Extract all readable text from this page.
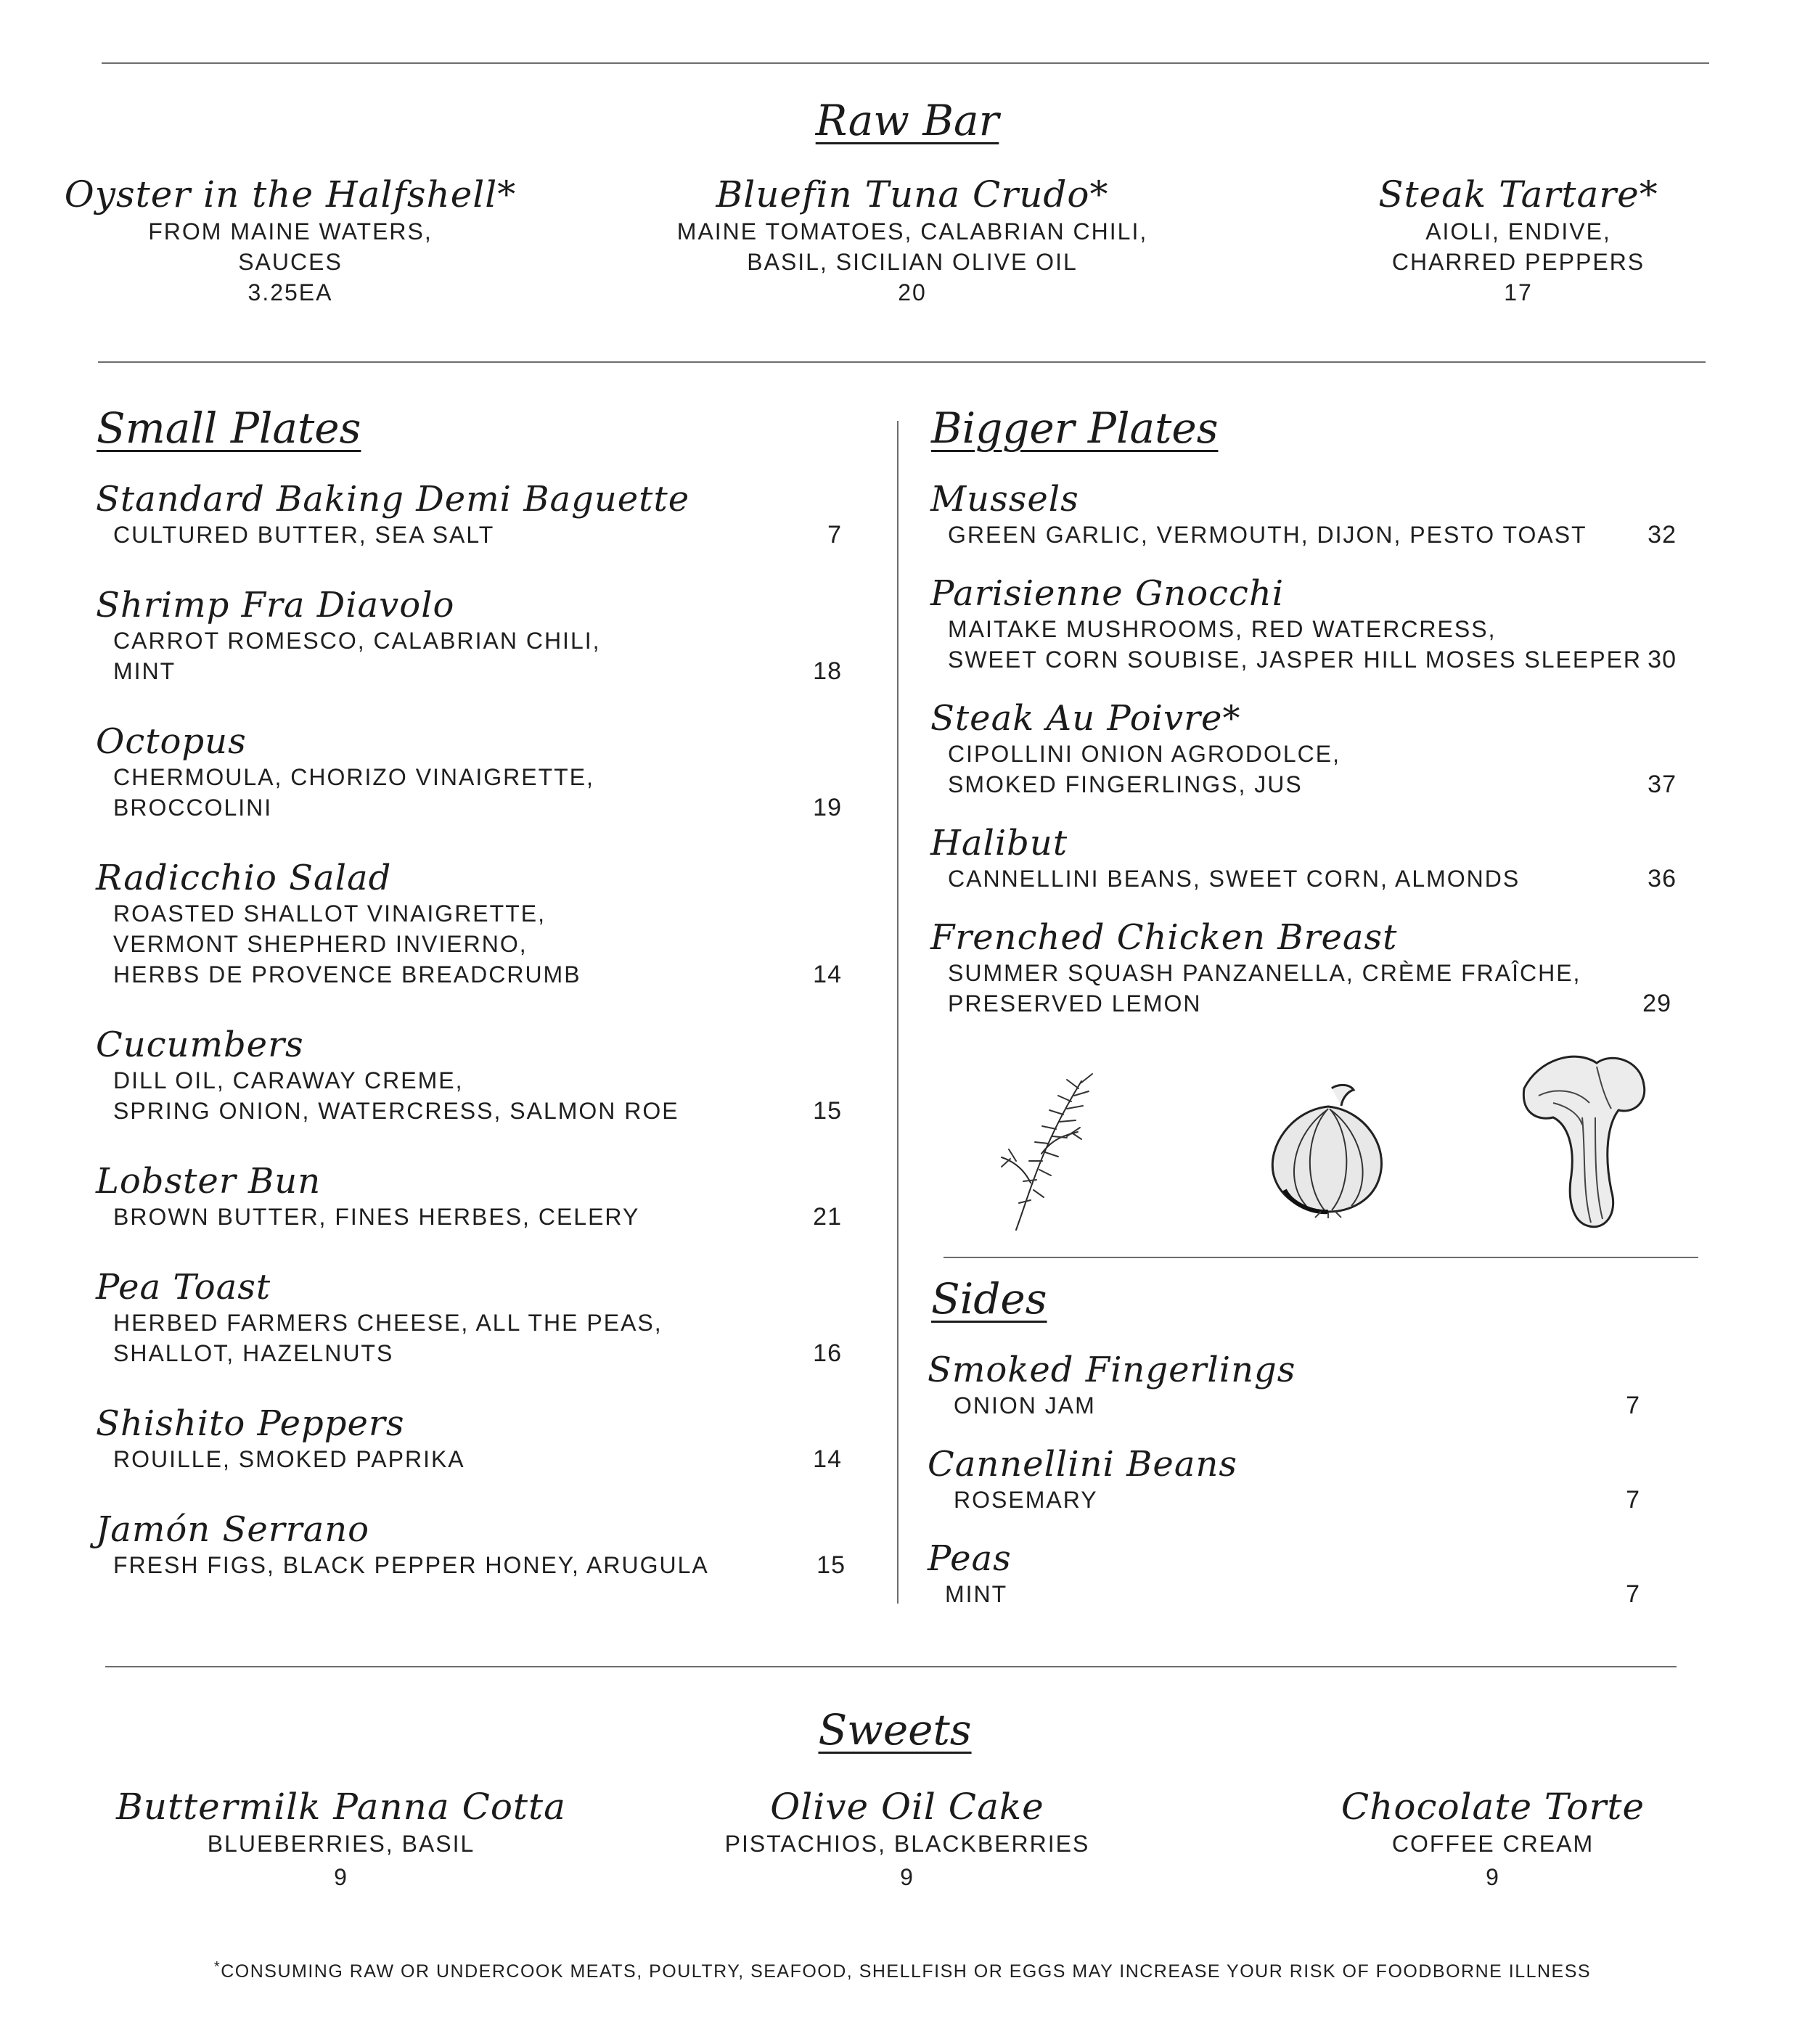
Raw Bar
Oyster in the Halfshell*
FROM MAINE WATERS,
SAUCES
3.25EA
Bluefin Tuna Crudo*
MAINE TOMATOES, CALABRIAN CHILI,
BASIL, SICILIAN OLIVE OIL
20
Steak Tartare*
AIOLI, ENDIVE,
CHARRED PEPPERS
17
Small Plates
Standard Baking Demi Baguette
CULTURED BUTTER, SEA SALT	7
Shrimp Fra Diavolo
CARROT ROMESCO, CALABRIAN CHILI,
MINT	18
Octopus
CHERMOULA, CHORIZO VINAIGRETTE,
BROCCOLINI	19
Radicchio Salad
ROASTED SHALLOT VINAIGRETTE,
VERMONT SHEPHERD INVIERNO,
HERBS DE PROVENCE BREADCRUMB	14
Cucumbers
DILL OIL, CARAWAY CREME,
SPRING ONION, WATERCRESS, SALMON ROE	15
Lobster Bun
BROWN BUTTER, FINES HERBES, CELERY	21
Pea Toast
HERBED FARMERS CHEESE, ALL THE PEAS,
SHALLOT, HAZELNUTS	16
Shishito Peppers
ROUILLE, SMOKED PAPRIKA	14
Jamón Serrano
FRESH FIGS, BLACK PEPPER HONEY, ARUGULA	15
Bigger Plates
Mussels
GREEN GARLIC, VERMOUTH, DIJON, PESTO TOAST	32
Parisienne Gnocchi
MAITAKE MUSHROOMS, RED WATERCRESS,
SWEET CORN SOUBISE, JASPER HILL MOSES SLEEPER 30
Steak Au Poivre*
CIPOLLINI ONION AGRODOLCE,
SMOKED FINGERLINGS, JUS	37
Halibut
CANNELLINI BEANS, SWEET CORN, ALMONDS	36
Frenched Chicken Breast
SUMMER SQUASH PANZANELLA, CRÈME FRAÎCHE,
PRESERVED LEMON	29
Sides
Smoked Fingerlings
ONION JAM	7
Cannellini Beans
ROSEMARY	7
Peas
MINT	7
Sweets
Buttermilk Panna Cotta
BLUEBERRIES, BASIL
9
Olive Oil Cake
PISTACHIOS, BLACKBERRIES
9
Chocolate Torte
COFFEE CREAM
9
*CONSUMING RAW OR UNDERCOOK MEATS, POULTRY, SEAFOOD, SHELLFISH OR EGGS MAY INCREASE YOUR RISK OF FOODBORNE ILLNESS
